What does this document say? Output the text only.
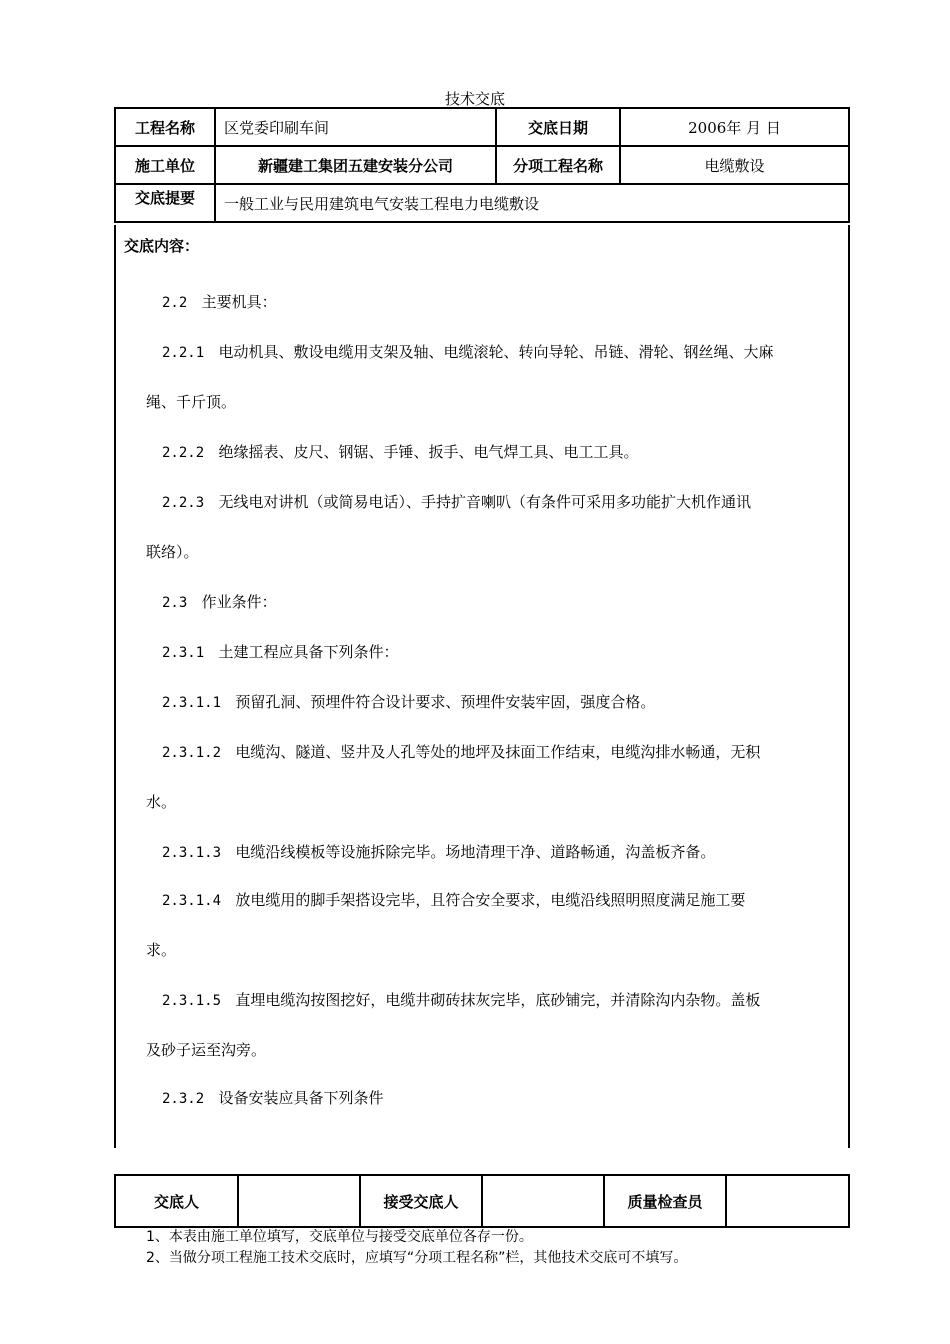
技术交底
工程名称	区党委印刷车间	交底日期	2006年 月 日
施工单位	新疆建工集团五建安装分公司	分项工程名称	电缆敷设
交底提要	一般工业与民用建筑电气安装工程电力电缆敷设		
交底内容：
2.2 主要机具：
2.2.1 电动机具、敷设电缆用支架及轴、电缆滚轮、转向导轮、吊链、滑轮、钢丝绳、大麻
绳、千斤顶。
2.2.2 绝缘摇表、皮尺、钢锯、手锤、扳手、电气焊工具、电工工具。
2.2.3 无线电对讲机（或简易电话）、手持扩音喇叭（有条件可采用多功能扩大机作通讯
联络）。
2.3 作业条件：
2.3.1 土建工程应具备下列条件：
2.3.1.1 预留孔洞、预埋件符合设计要求、预埋件安装牢固，强度合格。
2.3.1.2 电缆沟、隧道、竖井及人孔等处的地坪及抹面工作结束，电缆沟排水畅通，无积
水。
2.3.1.3 电缆沿线模板等设施拆除完毕。场地清理干净、道路畅通，沟盖板齐备。
2.3.1.4 放电缆用的脚手架搭设完毕，且符合安全要求，电缆沿线照明照度满足施工要
求。
2.3.1.5 直埋电缆沟按图挖好，电缆井砌砖抹灰完毕，底砂铺完，并清除沟内杂物。盖板
及砂子运至沟旁。
2.3.2 设备安装应具备下列条件
交底人		接受交底人		质量检查员	
1、本表由施工单位填写，交底单位与接受交底单位各存一份。
2、当做分项工程施工技术交底时，应填写“分项工程名称”栏，其他技术交底可不填写。
